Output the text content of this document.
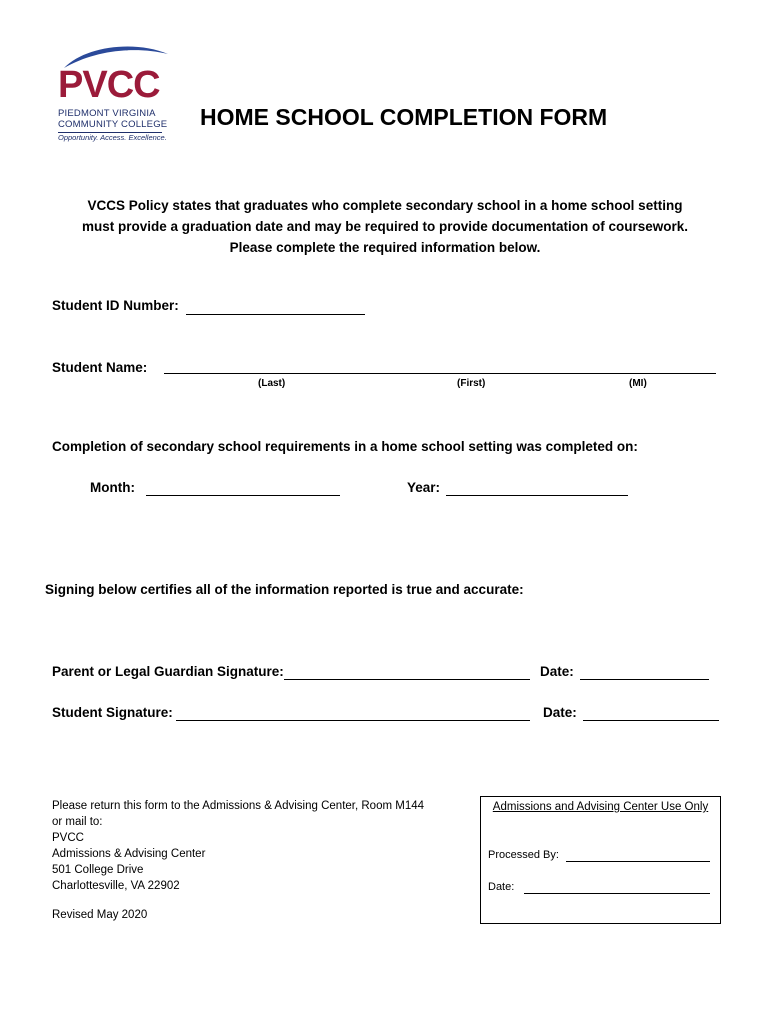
PVCC
PIEDMONT VIRGINIA
COMMUNITY COLLEGE
Opportunity. Access. Excellence.
HOME SCHOOL COMPLETION FORM
VCCS Policy states that graduates who complete secondary school in a home school setting
must provide a graduation date and may be required to provide documentation of coursework.
Please complete the required information below.
Student ID Number:
Student Name:
(Last)	(First)	(MI)
Completion of secondary school requirements in a home school setting was completed on:
Month:	Year:
Signing below certifies all of the information reported is true and accurate:
Parent or Legal Guardian Signature:	Date:
Student Signature:	Date:
Please return this form to the Admissions & Advising Center, Room M144
or mail to:
PVCC
Admissions & Advising Center
501 College Drive
Charlottesville, VA 22902
Revised May 2020
Admissions and Advising Center Use Only
Processed By:
Date:
